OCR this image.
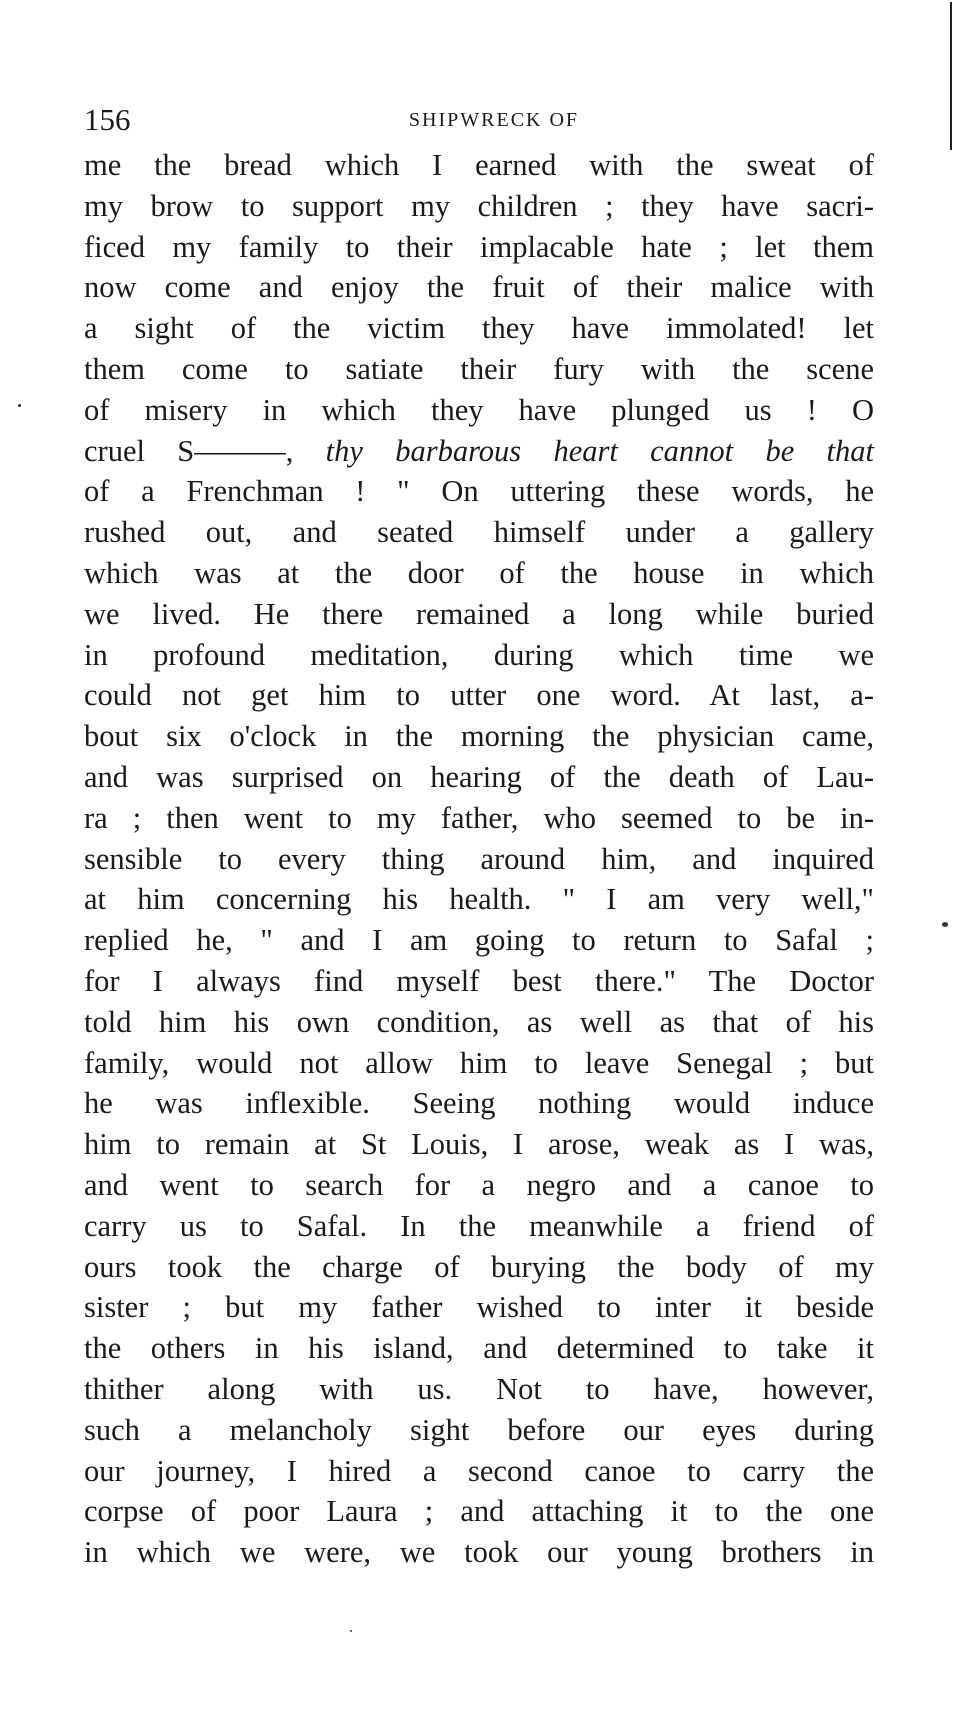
156	SHIPWRECK OF
me the bread which I earned with the sweat of
my brow to support my children ; they have sacri-
ficed my family to their implacable hate ; let them
now come and enjoy the fruit of their malice with
a sight of the victim they have immolated! let
them come to satiate their fury with the scene
of misery in which they have plunged us ! O
cruel S———, thy barbarous heart cannot be that
of a Frenchman ! " On uttering these words, he
rushed out, and seated himself under a gallery
which was at the door of the house in which
we lived. He there remained a long while buried
in profound meditation, during which time we
could not get him to utter one word. At last, a-
bout six o'clock in the morning the physician came,
and was surprised on hearing of the death of Lau-
ra ; then went to my father, who seemed to be in-
sensible to every thing around him, and inquired
at him concerning his health. " I am very well,"
replied he, " and I am going to return to Safal ;
for I always find myself best there." The Doctor
told him his own condition, as well as that of his
family, would not allow him to leave Senegal ; but
he was inflexible. Seeing nothing would induce
him to remain at St Louis, I arose, weak as I was,
and went to search for a negro and a canoe to
carry us to Safal. In the meanwhile a friend of
ours took the charge of burying the body of my
sister ; but my father wished to inter it beside
the others in his island, and determined to take it
thither along with us. Not to have, however,
such a melancholy sight before our eyes during
our journey, I hired a second canoe to carry the
corpse of poor Laura ; and attaching it to the one
in which we were, we took our young brothers in
